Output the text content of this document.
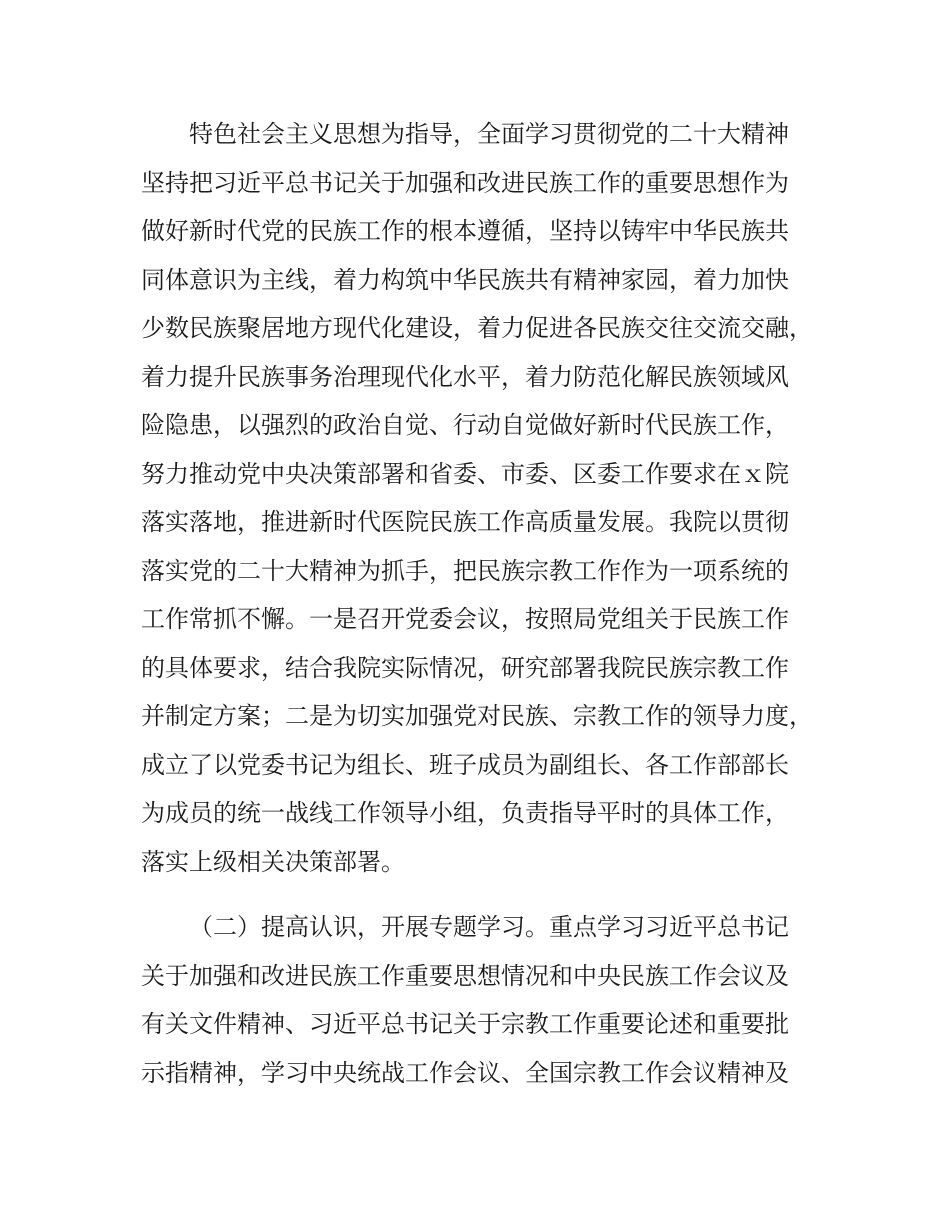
特色社会主义思想为指导，全面学习贯彻党的二十大精神
坚持把习近平总书记关于加强和改进民族工作的重要思想作为
做好新时代党的民族工作的根本遵循，坚持以铸牢中华民族共
同体意识为主线，着力构筑中华民族共有精神家园，着力加快
少数民族聚居地方现代化建设，着力促进各民族交往交流交融，
着力提升民族事务治理现代化水平，着力防范化解民族领域风
险隐患，以强烈的政治自觉、行动自觉做好新时代民族工作，
努力推动党中央决策部署和省委、市委、区委工作要求在ｘ院
落实落地，推进新时代医院民族工作高质量发展。我院以贯彻
落实党的二十大精神为抓手，把民族宗教工作作为一项系统的
工作常抓不懈。一是召开党委会议，按照局党组关于民族工作
的具体要求，结合我院实际情况，研究部署我院民族宗教工作
并制定方案；二是为切实加强党对民族、宗教工作的领导力度，
成立了以党委书记为组长、班子成员为副组长、各工作部部长
为成员的统一战线工作领导小组，负责指导平时的具体工作，
落实上级相关决策部署。
（二）提高认识，开展专题学习。重点学习习近平总书记
关于加强和改进民族工作重要思想情况和中央民族工作会议及
有关文件精神、习近平总书记关于宗教工作重要论述和重要批
示指精神，学习中央统战工作会议、全国宗教工作会议精神及
